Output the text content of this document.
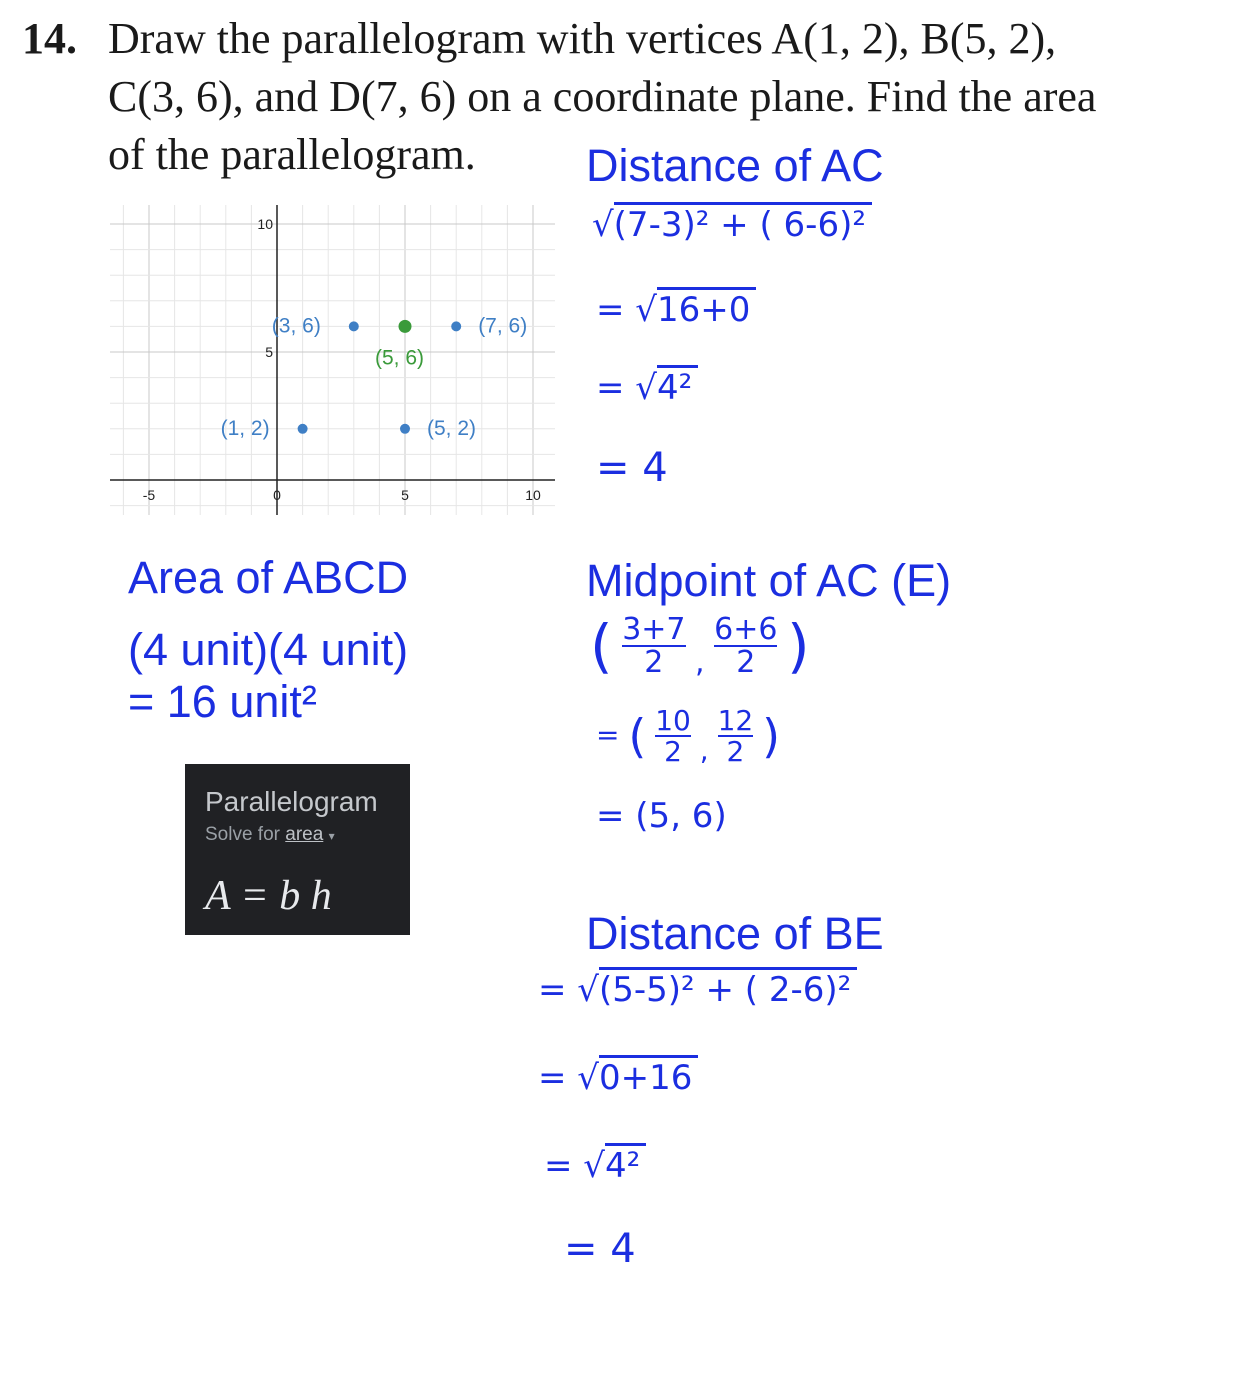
14. Draw the parallelogram with vertices A(1, 2), B(5, 2),
C(3, 6), and D(7, 6) on a coordinate plane. Find the area
of the parallelogram.
-5	0	5	10
5
10
(1, 2)	(5, 2)
(3, 6)	(7, 6)
(5, 6)
Distance of AC
√(7-3)² + ( 6-6)²
= √16+0
= √4²
= 4
Area of ABCD
(4 unit)(4 unit)
= 16 unit²
Midpoint of AC (E)
( $\frac{3+7}{2}$ , $\frac{6+6}{2}$ )
= ( $\frac{10}{2}$ , $\frac{12}{2}$ )
= (5, 6)
Parallelogram
Solve for area ▾
A = b h
Distance of BE
= √(5-5)² + ( 2-6)²
= √0+16
= √4²
= 4
